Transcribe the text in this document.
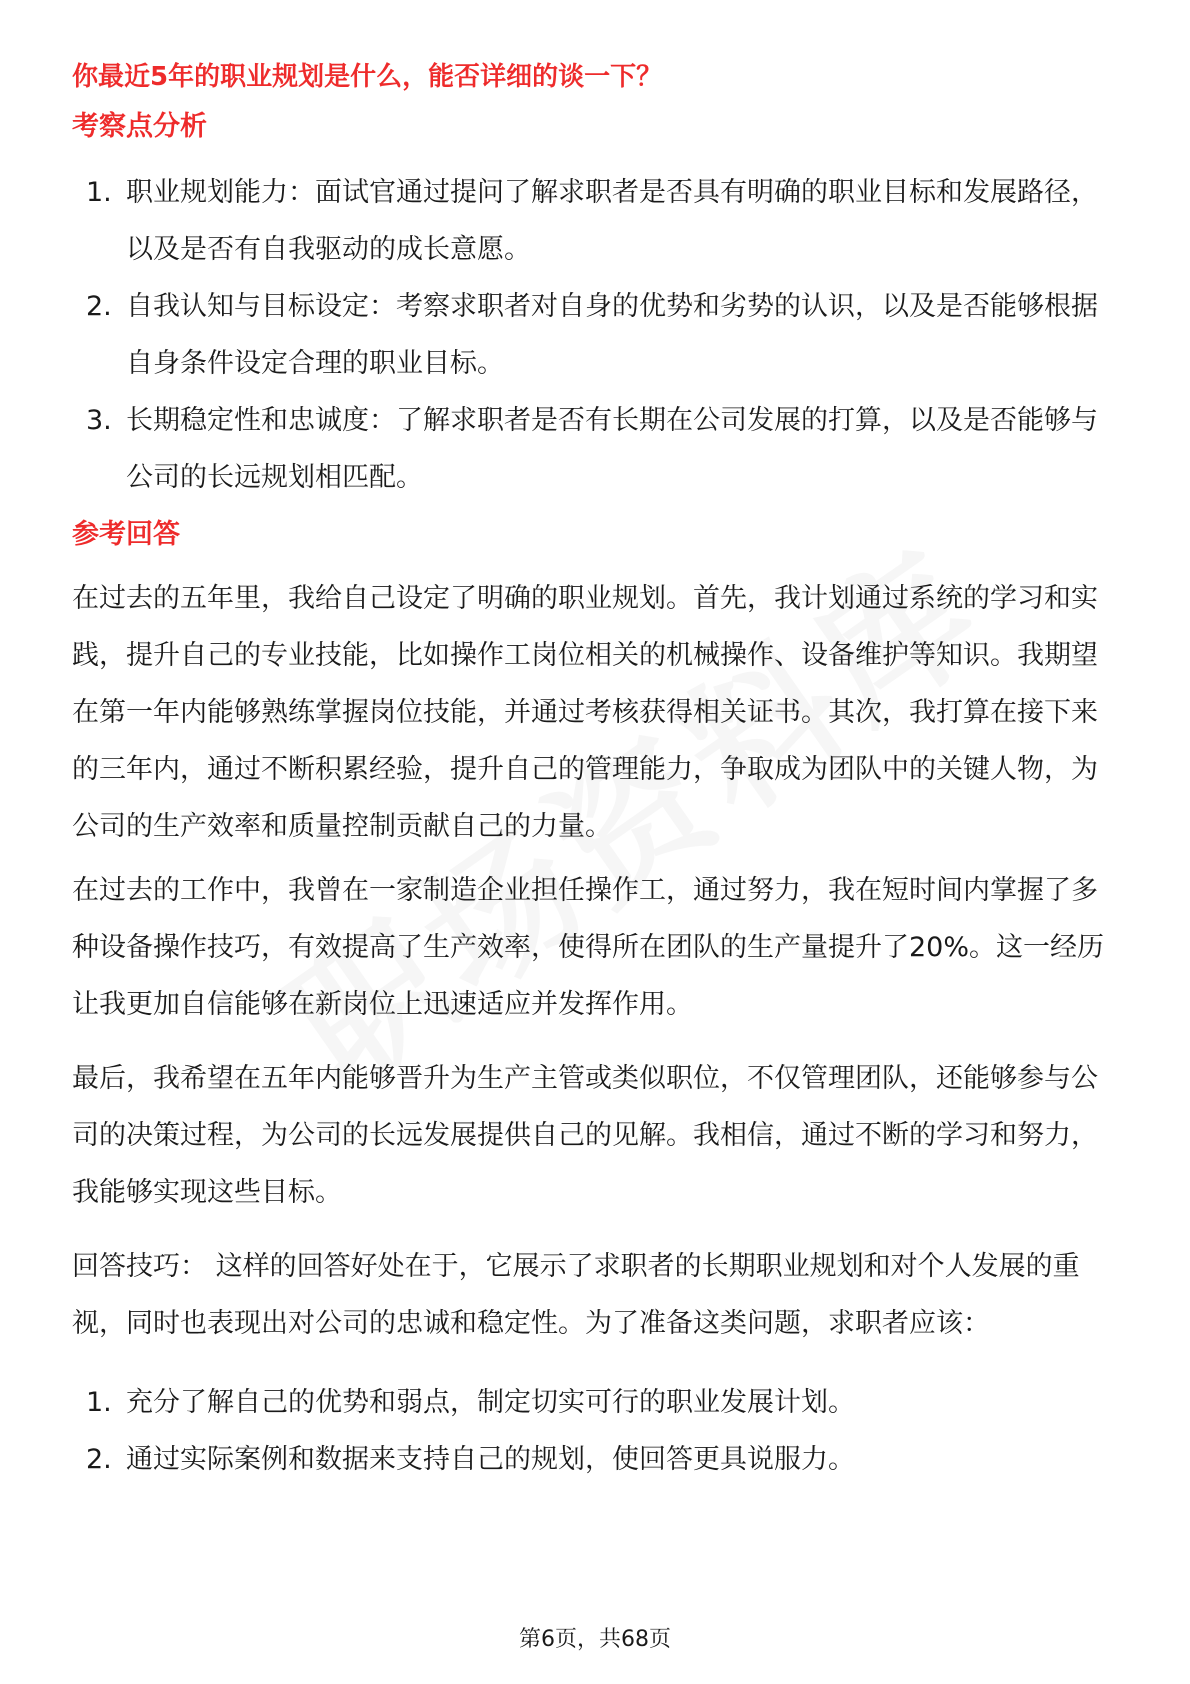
你最近5年的职业规划是什么，能否详细的谈一下？
考察点分析
1. 职业规划能力：面试官通过提问了解求职者是否具有明确的职业目标和发展路径，以及是否有自我驱动的成长意愿。
2. 自我认知与目标设定：考察求职者对自身的优势和劣势的认识，以及是否能够根据自身条件设定合理的职业目标。
3. 长期稳定性和忠诚度：了解求职者是否有长期在公司发展的打算，以及是否能够与公司的长远规划相匹配。
参考回答
在过去的五年里，我给自己设定了明确的职业规划。首先，我计划通过系统的学习和实践，提升自己的专业技能，比如操作工岗位相关的机械操作、设备维护等知识。我期望在第一年内能够熟练掌握岗位技能，并通过考核获得相关证书。其次，我打算在接下来的三年内，通过不断积累经验，提升自己的管理能力，争取成为团队中的关键人物，为公司的生产效率和质量控制贡献自己的力量。
在过去的工作中，我曾在一家制造企业担任操作工，通过努力，我在短时间内掌握了多种设备操作技巧，有效提高了生产效率，使得所在团队的生产量提升了20%。这一经历让我更加自信能够在新岗位上迅速适应并发挥作用。
最后，我希望在五年内能够晋升为生产主管或类似职位，不仅管理团队，还能够参与公司的决策过程，为公司的长远发展提供自己的见解。我相信，通过不断的学习和努力，我能够实现这些目标。
回答技巧： 这样的回答好处在于，它展示了求职者的长期职业规划和对个人发展的重视，同时也表现出对公司的忠诚和稳定性。为了准备这类问题，求职者应该：
1. 充分了解自己的优势和弱点，制定切实可行的职业发展计划。
2. 通过实际案例和数据来支持自己的规划，使回答更具说服力。
第6页，共68页
